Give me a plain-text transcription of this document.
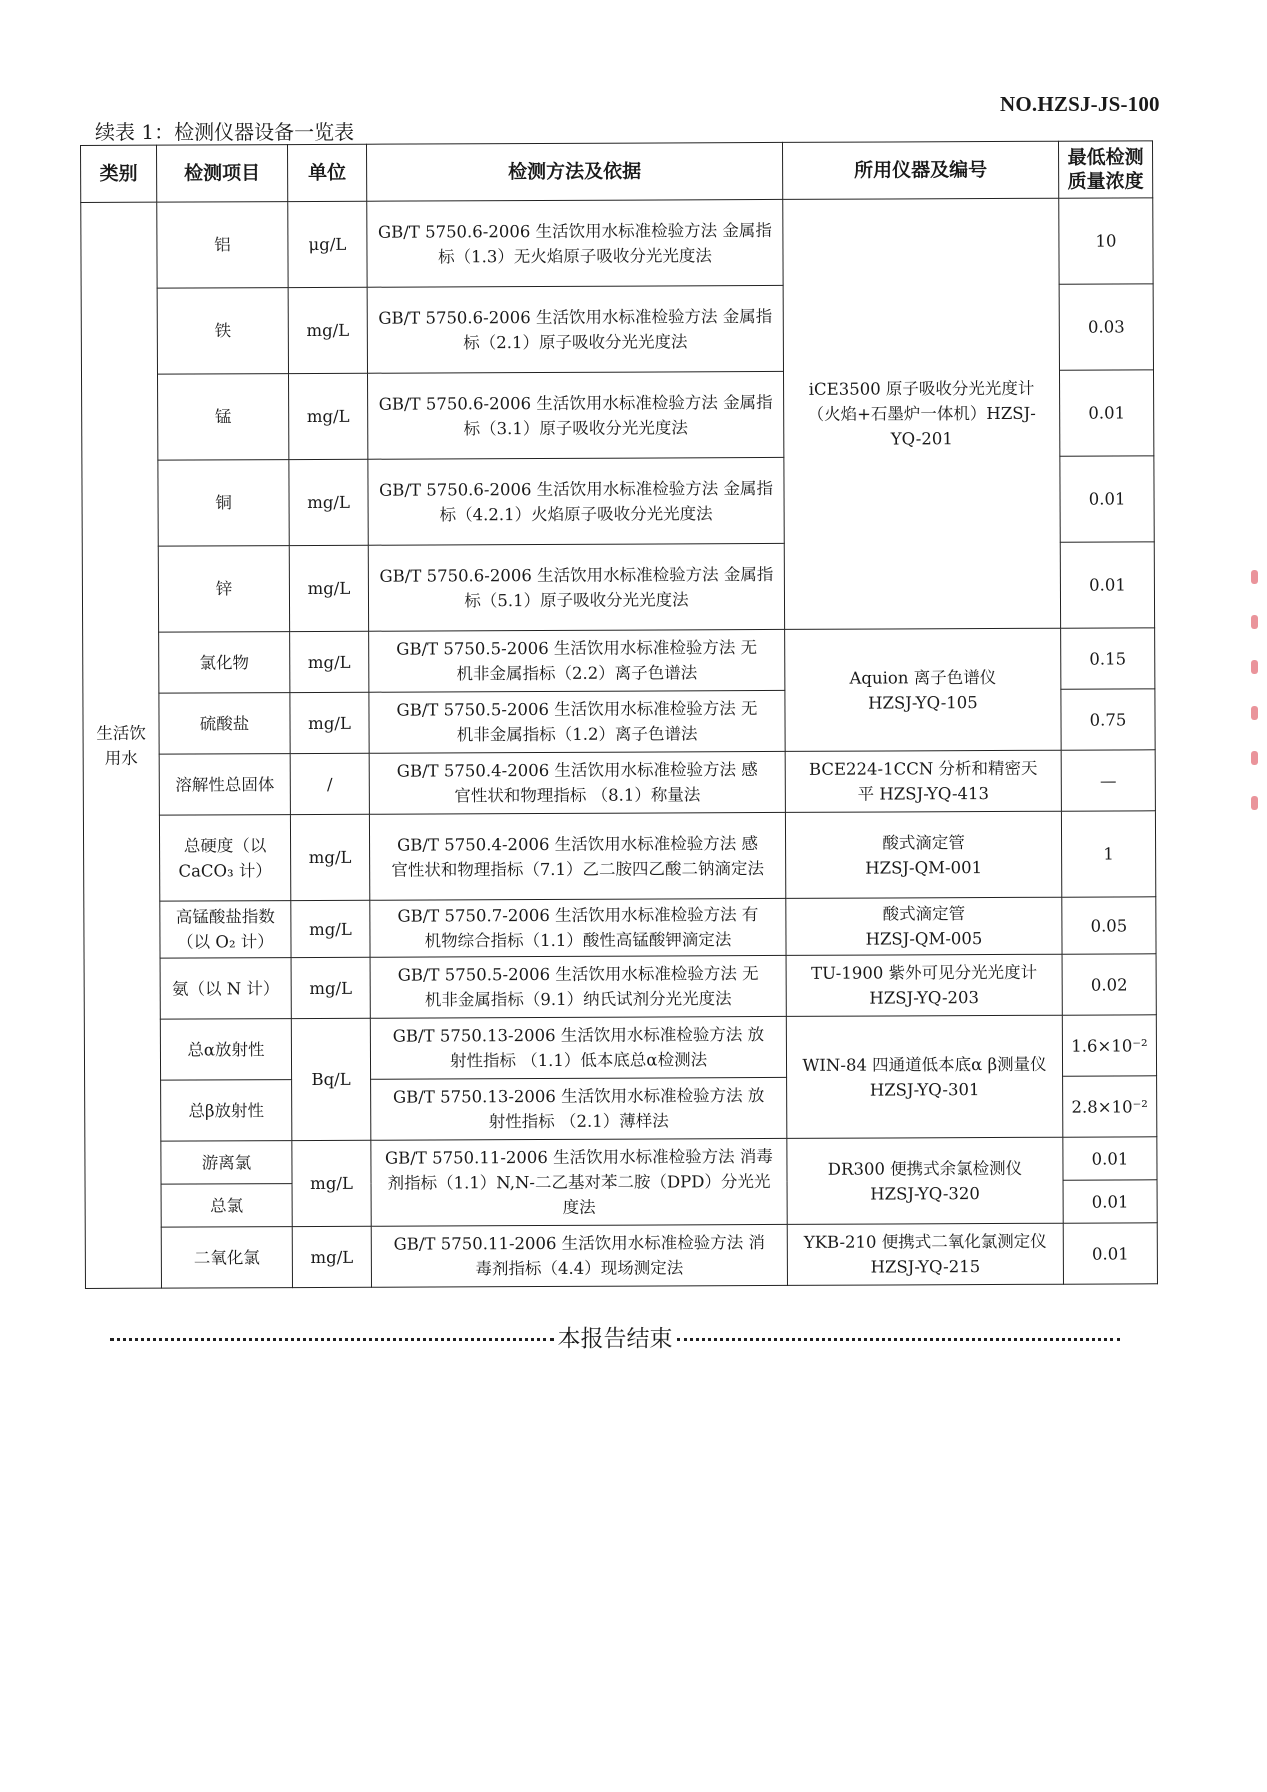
NO.HZSJ-JS-100
续表 1：检测仪器设备一览表
类别	检测项目	单位	检测方法及依据	所用仪器及编号	最低检测质量浓度
生活饮用水	铝	μg/L	GB/T 5750.6-2006 生活饮用水标准检验方法 金属指标（1.3）无火焰原子吸收分光光度法	iCE3500 原子吸收分光光度计（火焰+石墨炉一体机）HZSJ-YQ-201	10
	铁	mg/L	GB/T 5750.6-2006 生活饮用水标准检验方法 金属指标（2.1）原子吸收分光光度法		0.03
	锰	mg/L	GB/T 5750.6-2006 生活饮用水标准检验方法 金属指标（3.1）原子吸收分光光度法		0.01
	铜	mg/L	GB/T 5750.6-2006 生活饮用水标准检验方法 金属指标（4.2.1）火焰原子吸收分光光度法		0.01
	锌	mg/L	GB/T 5750.6-2006 生活饮用水标准检验方法 金属指标（5.1）原子吸收分光光度法		0.01
	氯化物	mg/L	GB/T 5750.5-2006 生活饮用水标准检验方法 无机非金属指标（2.2）离子色谱法	Aquion 离子色谱仪 HZSJ-YQ-105	0.15
	硫酸盐	mg/L	GB/T 5750.5-2006 生活饮用水标准检验方法 无机非金属指标（1.2）离子色谱法		0.75
	溶解性总固体	/	GB/T 5750.4-2006 生活饮用水标准检验方法 感官性状和物理指标 （8.1）称量法	BCE224-1CCN 分析和精密天平 HZSJ-YQ-413	—
	总硬度（以 CaCO₃ 计）	mg/L	GB/T 5750.4-2006 生活饮用水标准检验方法 感官性状和物理指标（7.1）乙二胺四乙酸二钠滴定法	酸式滴定管 HZSJ-QM-001	1
	高锰酸盐指数（以 O₂ 计）	mg/L	GB/T 5750.7-2006 生活饮用水标准检验方法 有机物综合指标（1.1）酸性高锰酸钾滴定法	酸式滴定管 HZSJ-QM-005	0.05
	氨（以 N 计）	mg/L	GB/T 5750.5-2006 生活饮用水标准检验方法 无机非金属指标（9.1）纳氏试剂分光光度法	TU-1900 紫外可见分光光度计 HZSJ-YQ-203	0.02
	总α放射性	Bq/L	GB/T 5750.13-2006 生活饮用水标准检验方法 放射性指标 （1.1）低本底总α检测法	WIN-84 四通道低本底α β测量仪 HZSJ-YQ-301	1.6×10⁻²
	总β放射性		GB/T 5750.13-2006 生活饮用水标准检验方法 放射性指标 （2.1）薄样法		2.8×10⁻²
	游离氯	mg/L	GB/T 5750.11-2006 生活饮用水标准检验方法 消毒剂指标（1.1）N,N-二乙基对苯二胺（DPD）分光光度法	DR300 便携式余氯检测仪 HZSJ-YQ-320	0.01
	总氯				0.01
	二氧化氯	mg/L	GB/T 5750.11-2006 生活饮用水标准检验方法 消毒剂指标（4.4）现场测定法	YKB-210 便携式二氧化氯测定仪 HZSJ-YQ-215	0.01
本报告结束
